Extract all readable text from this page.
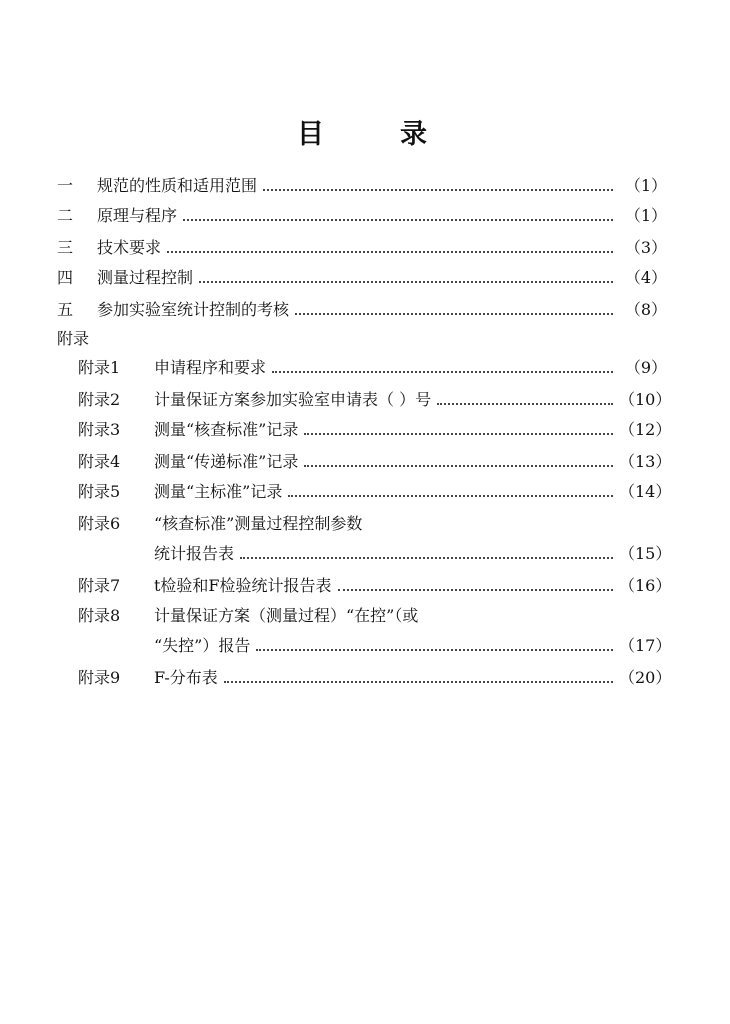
目	录
一	规范的性质和适用范围	（1）
二	原理与程序	（1）
三	技术要求	（3）
四	测量过程控制	（4）
五	参加实验室统计控制的考核	（8）
附录
附录1	申请程序和要求	（9）
附录2	计量保证方案参加实验室申请表（ ）号	（10）
附录3	测量“核查标准”记录	（12）
附录4	测量“传递标准”记录	（13）
附录5	测量“主标准”记录	（14）
附录6	“核查标准”测量过程控制参数
统计报告表	（15）
附录7	t检验和F检验统计报告表	（16）
附录8	计量保证方案（测量过程）“在控”（或
“失控”）报告	（17）
附录9	F-分布表	（20）
